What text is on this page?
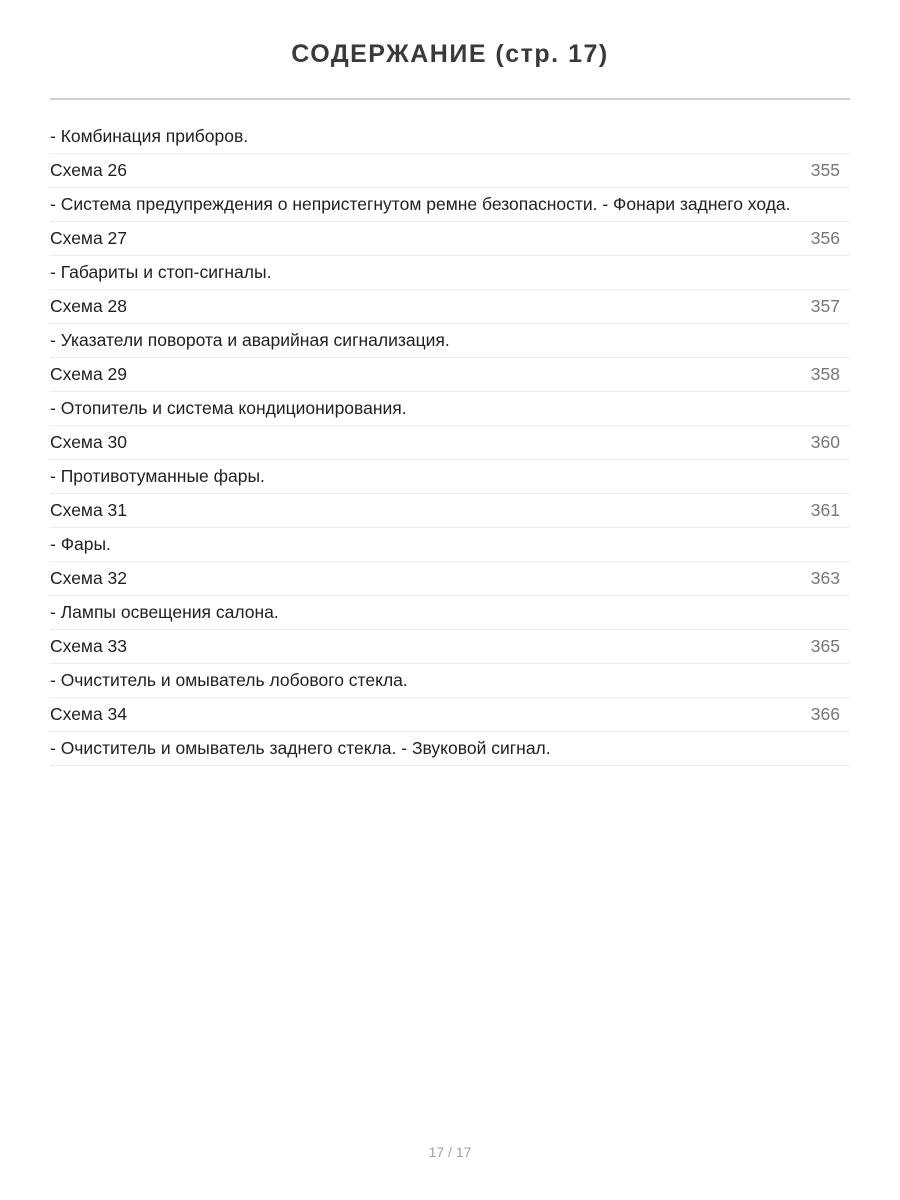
СОДЕРЖАНИЕ (стр. 17)
- Комбинация приборов.
Схема 26	355
- Система предупреждения о непристегнутом ремне безопасности. - Фонари заднего хода.
Схема 27	356
- Габариты и стоп-сигналы.
Схема 28	357
- Указатели поворота и аварийная сигнализация.
Схема 29	358
- Отопитель и система кондиционирования.
Схема 30	360
- Противотуманные фары.
Схема 31	361
- Фары.
Схема 32	363
- Лампы освещения салона.
Схема 33	365
- Очиститель и омыватель лобового стекла.
Схема 34	366
- Очиститель и омыватель заднего стекла. - Звуковой сигнал.
17 / 17
